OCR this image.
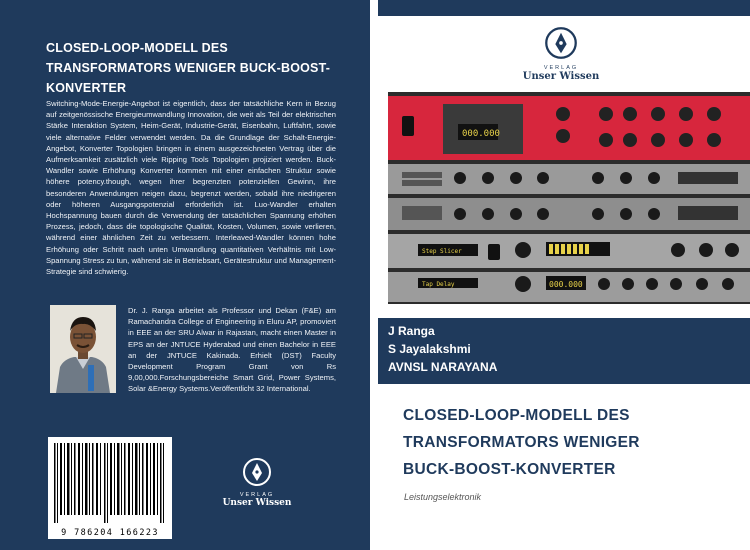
CLOSED-LOOP-MODELL DES TRANSFORMATORS WENIGER BUCK-BOOST-KONVERTER
Switching-Mode-Energie-Angebot ist eigentlich, dass der tatsächliche Kern in Bezug auf zeitgenössische Energieumwandlung Innovation, die weit als Teil der elektrischen Stärke Interaktion System, Heim-Gerät, Industrie-Gerät, Eisenbahn, Luftfahrt, sowie viele alternative Felder verwendet werden. Da die Grundlage der Schalt-Energie-Angebot, Konverter Topologien bringen in einem ausgezeichneten Vertrag über die Aufmerksamkeit zusätzlich viele Ripping Tools Topologien projiziert werden. Buck-Wandler sowie Erhöhung Konverter kommen mit einer einfachen Struktur sowie höhere potency.though, wegen ihrer begrenzten potenziellen Gewinn, ihre besonderen Anwendungen neigen dazu, begrenzt werden, sobald ihre niedrigeren oder höheren Ausgangspotenzial erforderlich ist. Luo-Wandler erhalten Hochspannung bauen durch die Verwendung der tatsächlichen Spannung erhöhen Prozess, jedoch, dass die topologische Qualität, Kosten, Volumen, sowie verlieren, während einer ähnlichen Zeit zu verbessern. Interleaved-Wandler können hohe Erhöhung oder Schritt nach unten Umwandlung quantitativen Verhältnis mit Low-Spannung Stress zu tun, während sie in Betriebsart, Gerätestruktur und Management-Strategie sind schwierig.
Dr. J. Ranga arbeitet als Professor und Dekan (F&E) am Ramachandra College of Engineering in Eluru AP, promoviert in EEE an der SRU Alwar in Rajastan, macht einen Master in EPS an der JNTUCE Hyderabad und einen Bachelor in EEE an der JNTUCE Kakinada. Erhielt (DST) Faculty Development Program Grant von Rs 9,00,000.Forschungsbereiche Smart Grid, Power Systems, Solar &Energy Systems.Veröffentlicht 32 International.
9 786204 166223
VERLAG
Unser Wissen
VERLAG
Unser Wissen
000.000
Step Slicer
Tap Delay	000.000
J Ranga
S Jayalakshmi
AVNSL NARAYANA
CLOSED-LOOP-MODELL DES
TRANSFORMATORS WENIGER
BUCK-BOOST-KONVERTER
Leistungselektronik
